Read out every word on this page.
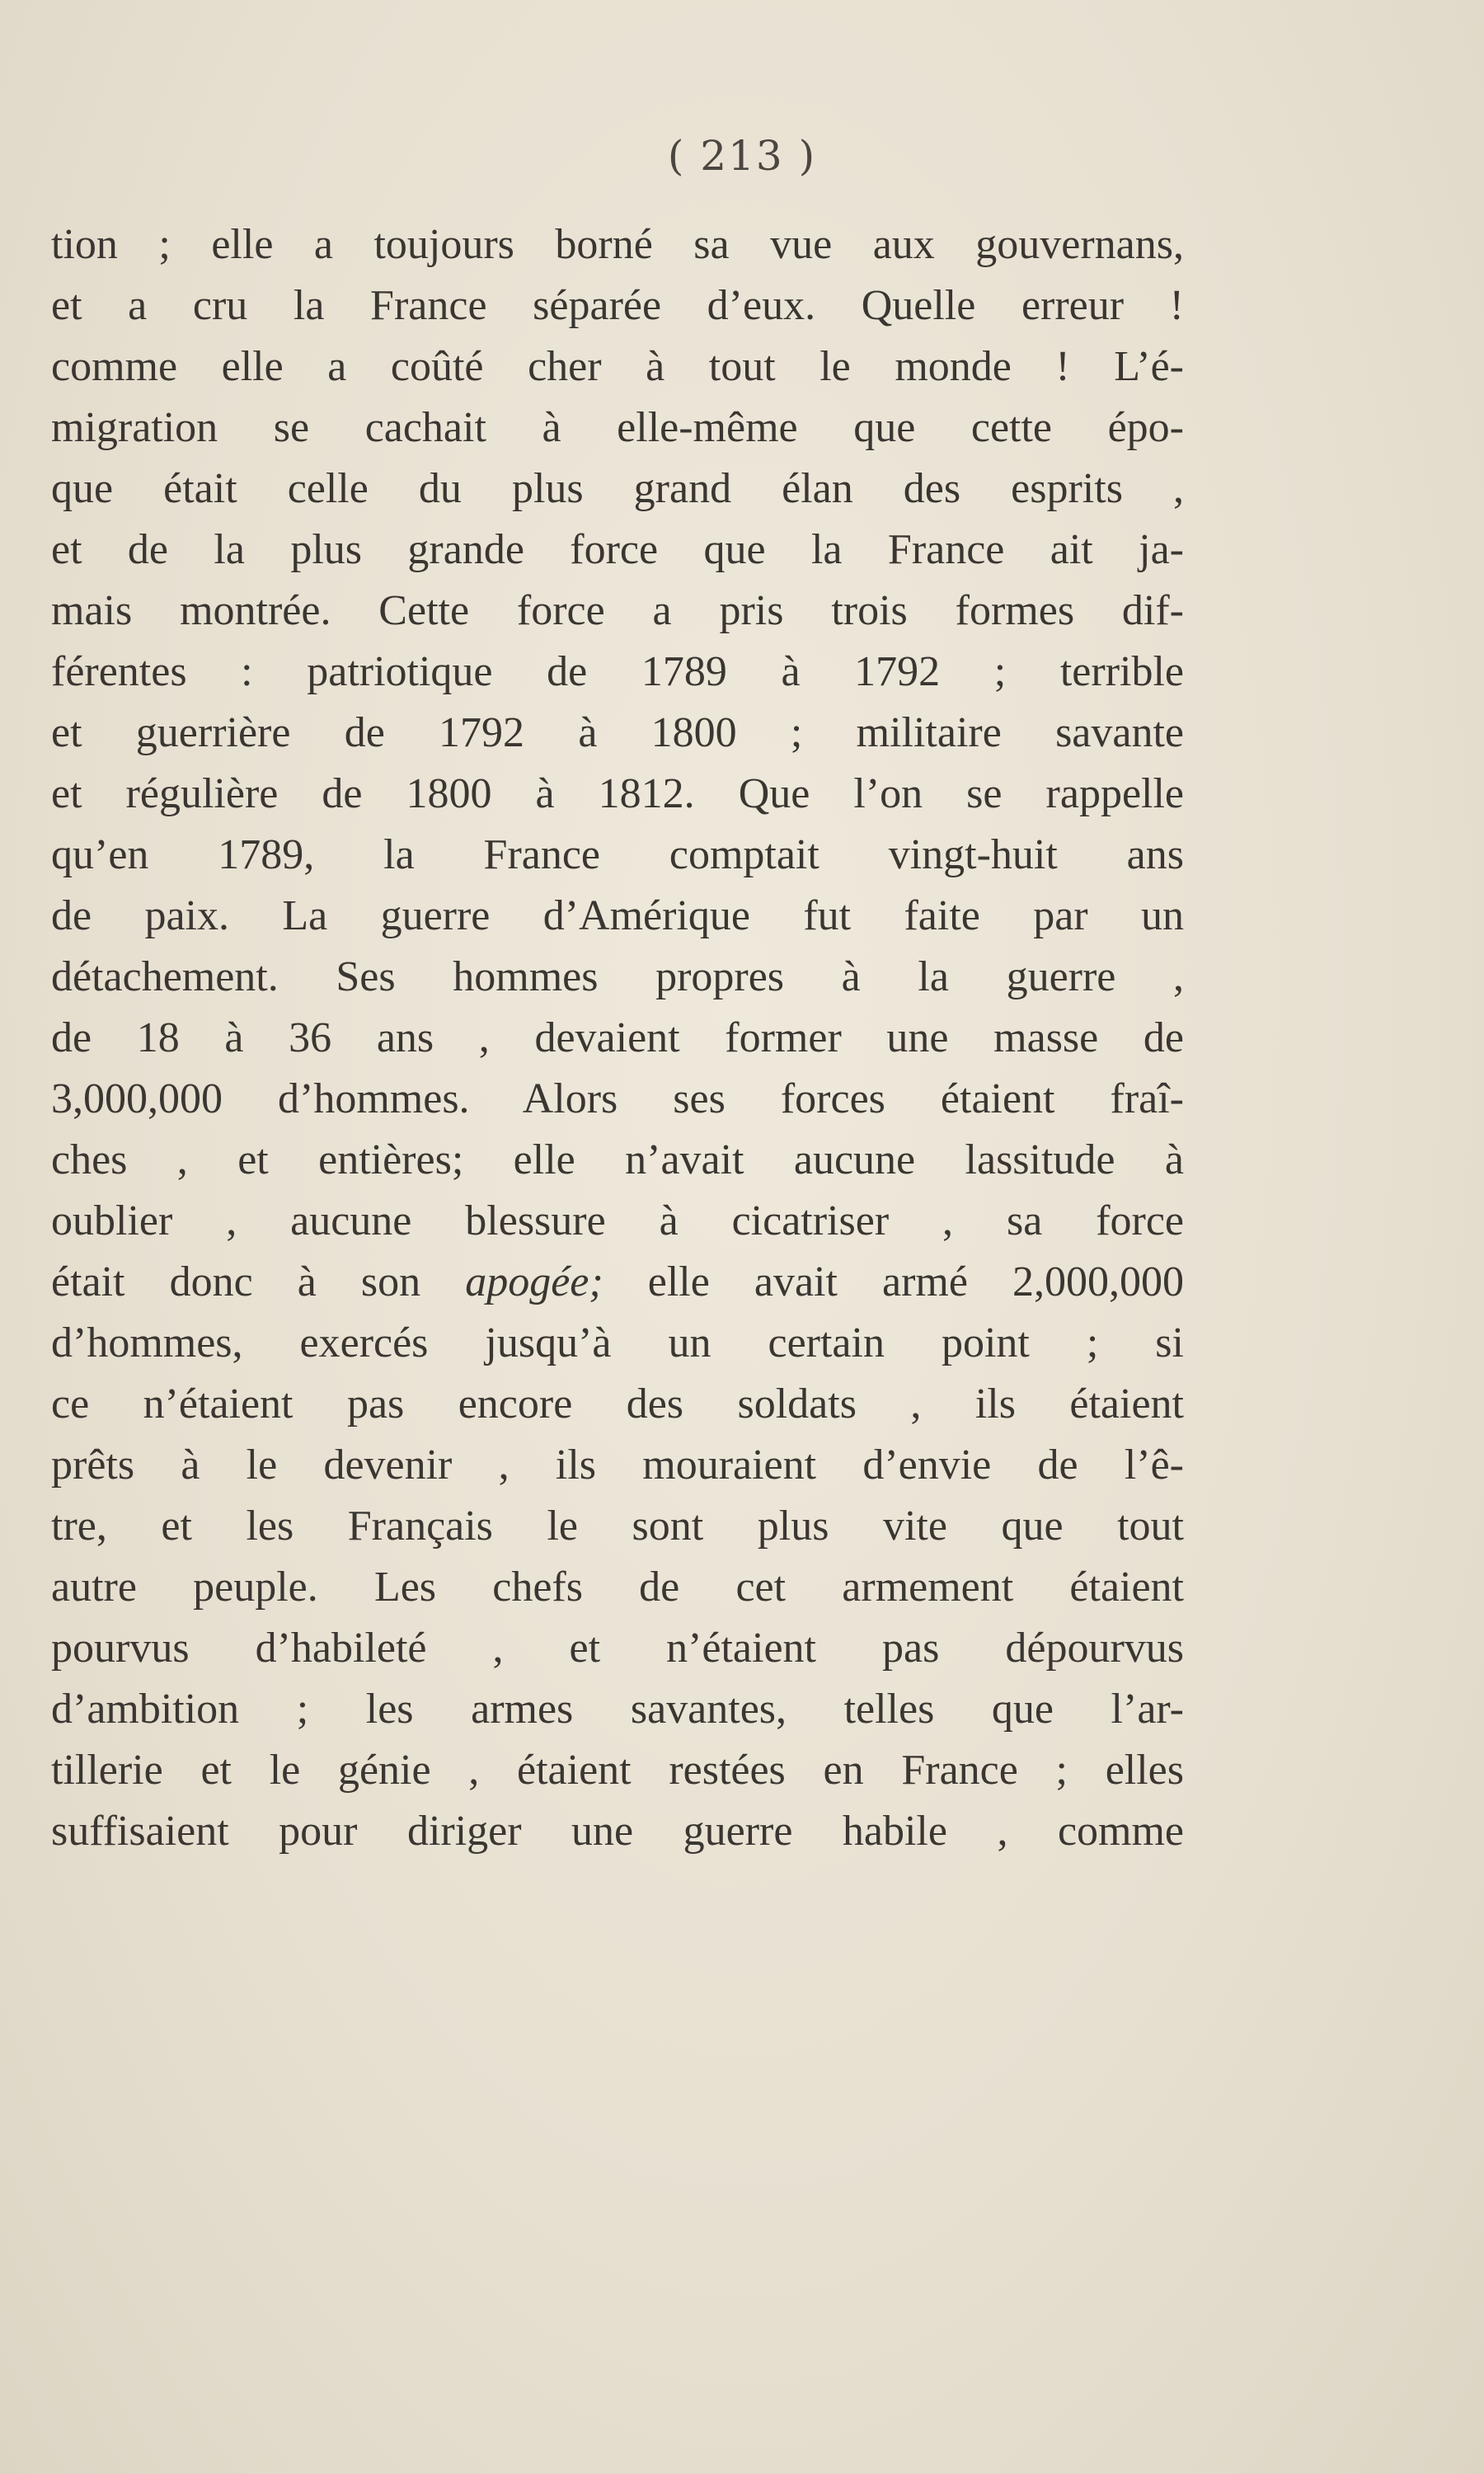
( 213 )
tion ; elle a toujours borné sa vue aux gouvernans,
et a cru la France séparée d’eux. Quelle erreur !
comme elle a coûté cher à tout le monde ! L’é-
migration se cachait à elle-même que cette épo-
que était celle du plus grand élan des esprits ,
et de la plus grande force que la France ait ja-
mais montrée. Cette force a pris trois formes dif-
férentes : patriotique de 1789 à 1792 ; terrible
et guerrière de 1792 à 1800 ; militaire savante
et régulière de 1800 à 1812. Que l’on se rappelle
qu’en 1789, la France comptait vingt-huit ans
de paix. La guerre d’Amérique fut faite par un
détachement. Ses hommes propres à la guerre ,
de 18 à 36 ans , devaient former une masse de
3,000,000 d’hommes. Alors ses forces étaient fraî-
ches , et entières; elle n’avait aucune lassitude à
oublier , aucune blessure à cicatriser , sa force
était donc à son apogée; elle avait armé 2,000,000
d’hommes, exercés jusqu’à un certain point ; si
ce n’étaient pas encore des soldats , ils étaient
prêts à le devenir , ils mouraient d’envie de l’ê-
tre, et les Français le sont plus vite que tout
autre peuple. Les chefs de cet armement étaient
pourvus d’habileté , et n’étaient pas dépourvus
d’ambition ; les armes savantes, telles que l’ar-
tillerie et le génie , étaient restées en France ; elles
suffisaient pour diriger une guerre habile , comme
